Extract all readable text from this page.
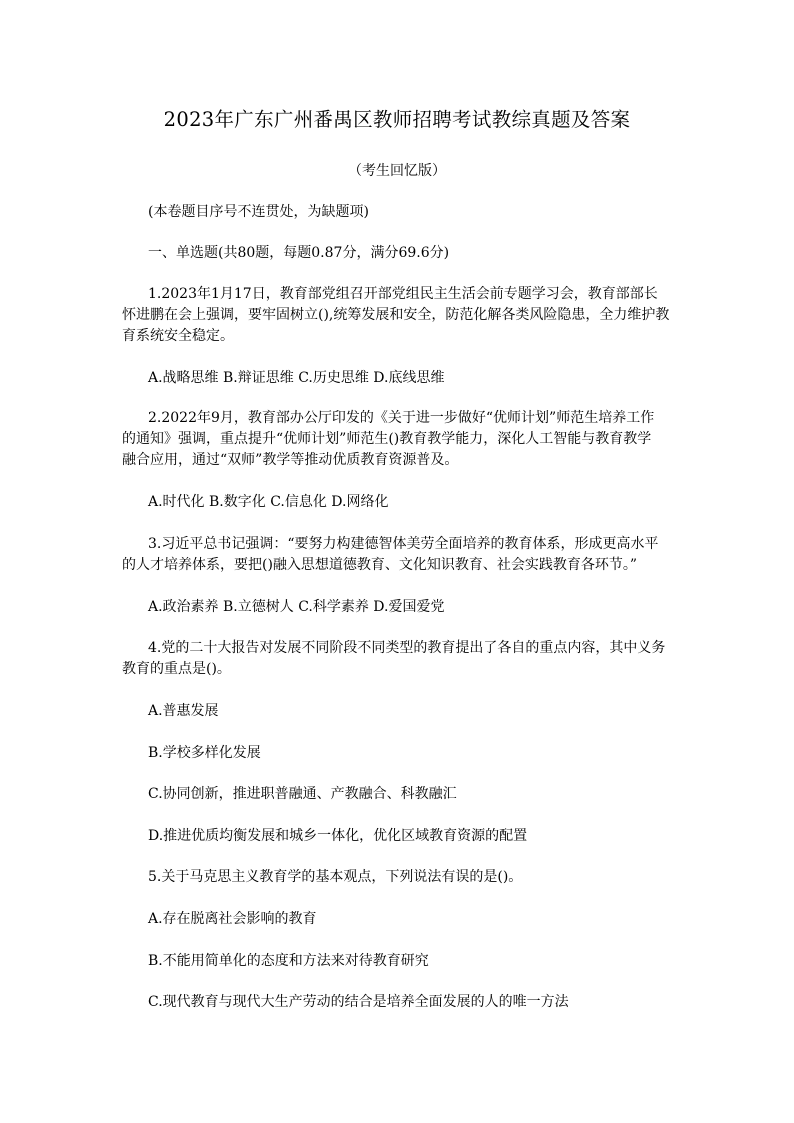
2023年广东广州番禺区教师招聘考试教综真题及答案
（考生回忆版）
(本卷题目序号不连贯处，为缺题项)
一、单选题(共80题，每题0.87分，满分69.6分)
1.2023年1月17日，教育部党组召开部党组民主生活会前专题学习会，教育部部长
怀进鹏在会上强调，要牢固树立(),统筹发展和安全，防范化解各类风险隐患，全力维护教
育系统安全稳定。
A.战略思维 B.辩证思维 C.历史思维 D.底线思维
2.2022年9月，教育部办公厅印发的《关于进一步做好“优师计划”师范生培养工作
的通知》强调，重点提升“优师计划”师范生()教育教学能力，深化人工智能与教育教学
融合应用，通过“双师”教学等推动优质教育资源普及。
A.时代化 B.数字化 C.信息化 D.网络化
3.习近平总书记强调：“要努力构建德智体美劳全面培养的教育体系，形成更高水平
的人才培养体系，要把()融入思想道德教育、文化知识教育、社会实践教育各环节。”
A.政治素养 B.立德树人 C.科学素养 D.爱国爱党
4.党的二十大报告对发展不同阶段不同类型的教育提出了各自的重点内容，其中义务
教育的重点是()。
A.普惠发展
B.学校多样化发展
C.协同创新，推进职普融通、产教融合、科教融汇
D.推进优质均衡发展和城乡一体化，优化区域教育资源的配置
5.关于马克思主义教育学的基本观点，下列说法有误的是()。
A.存在脱离社会影响的教育
B.不能用简单化的态度和方法来对待教育研究
C.现代教育与现代大生产劳动的结合是培养全面发展的人的唯一方法
